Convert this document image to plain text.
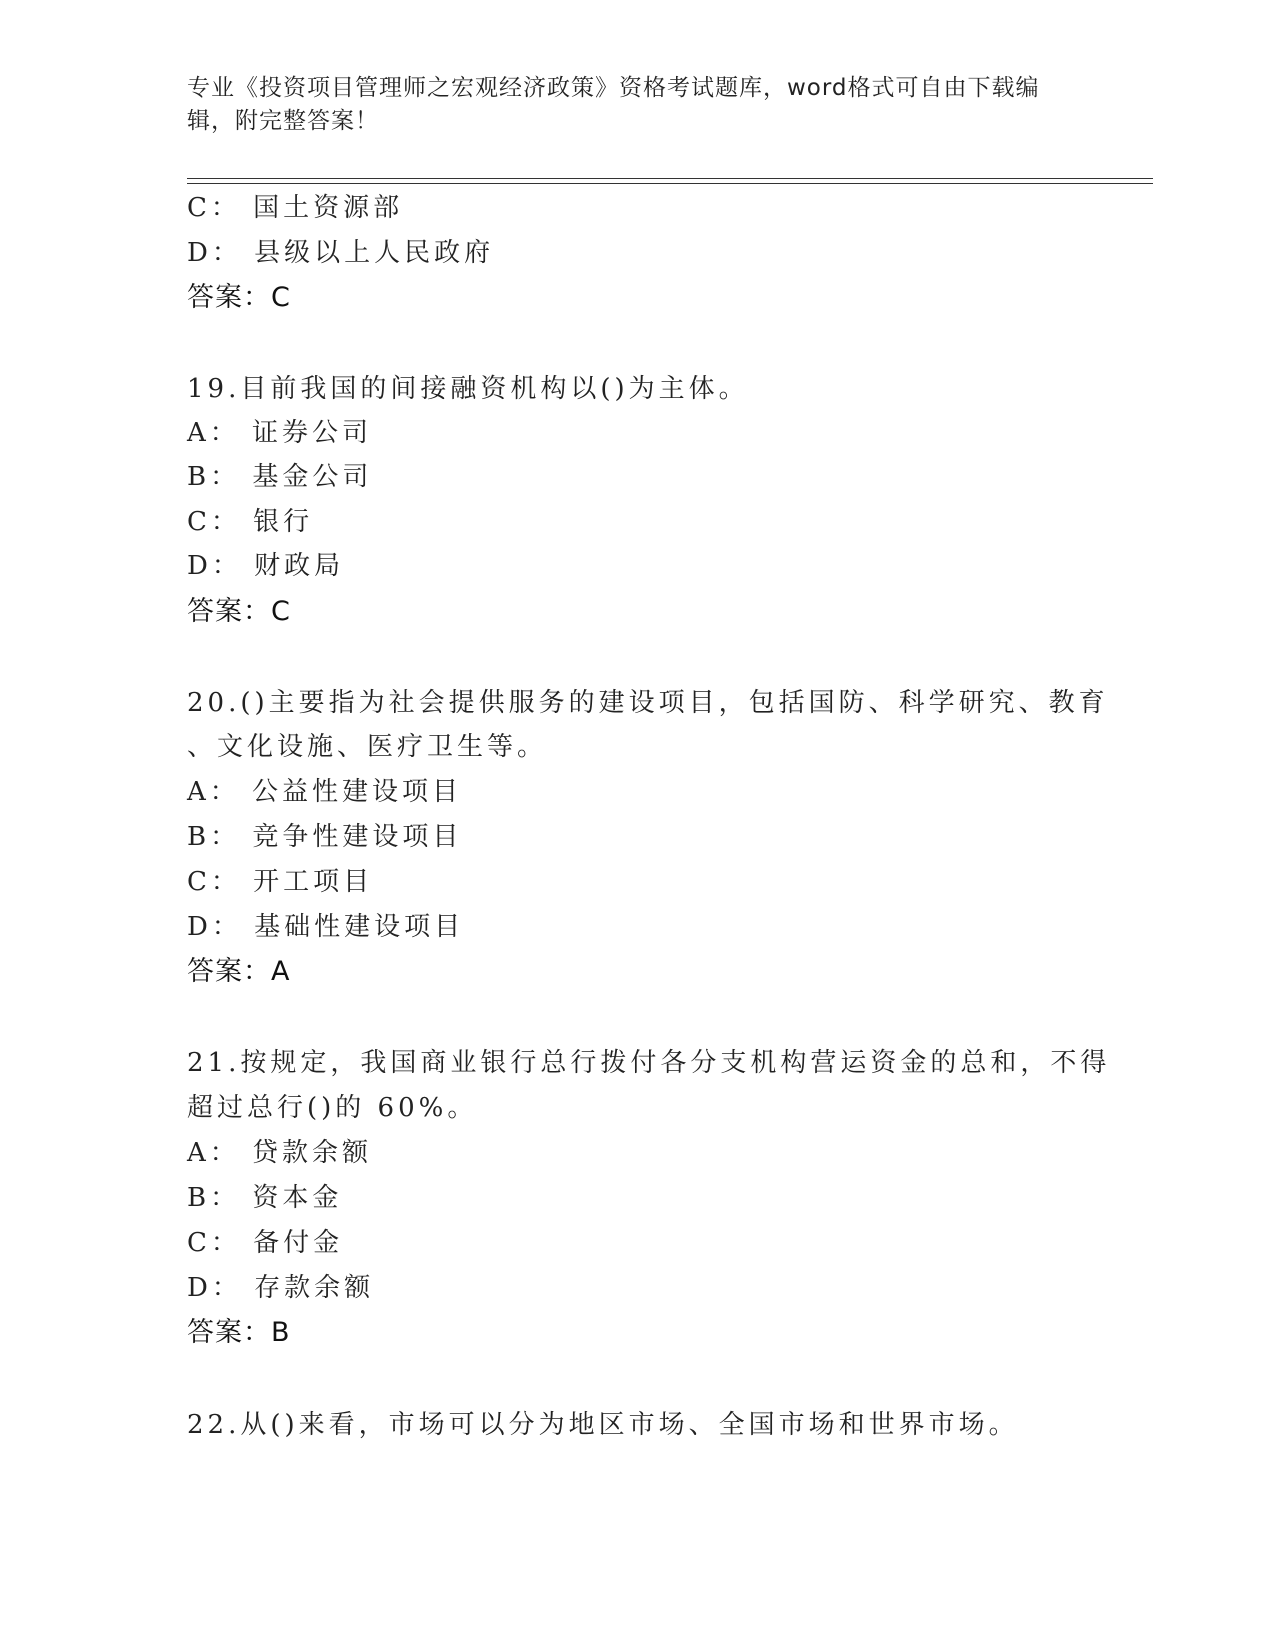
专业《投资项目管理师之宏观经济政策》资格考试题库，word格式可自由下载编
辑，附完整答案！
C： 国土资源部
D： 县级以上人民政府
答案：C
19.目前我国的间接融资机构以()为主体。
A： 证券公司
B： 基金公司
C： 银行
D： 财政局
答案：C
20.()主要指为社会提供服务的建设项目，包括国防、科学研究、教育
、文化设施、医疗卫生等。
A： 公益性建设项目
B： 竞争性建设项目
C： 开工项目
D： 基础性建设项目
答案：A
21.按规定，我国商业银行总行拨付各分支机构营运资金的总和，不得
超过总行()的 60%。
A： 贷款余额
B： 资本金
C： 备付金
D： 存款余额
答案：B
22.从()来看，市场可以分为地区市场、全国市场和世界市场。
